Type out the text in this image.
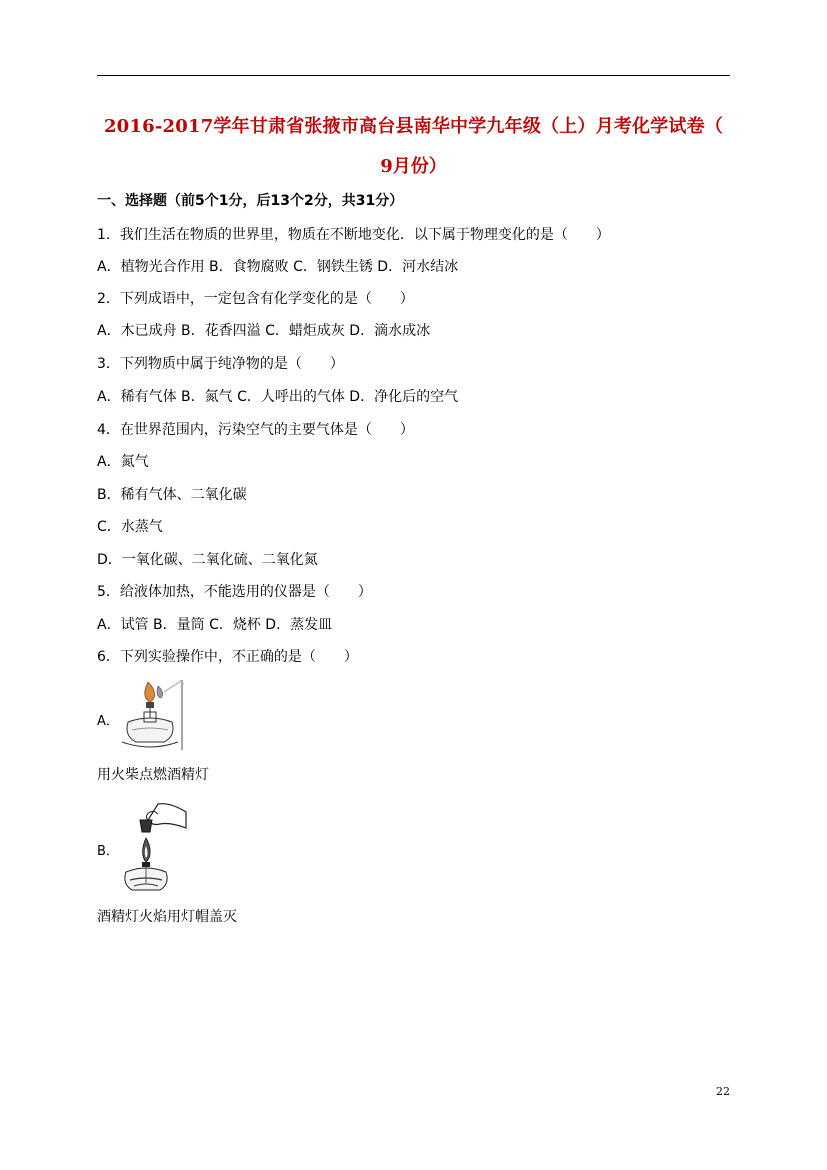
2016-2017学年甘肃省张掖市高台县南华中学九年级（上）月考化学试卷（
9月份）
一、选择题（前5个1分，后13个2分，共31分）
1．我们生活在物质的世界里，物质在不断地变化．以下属于物理变化的是（　　）
A．植物光合作用 B．食物腐败 C．钢铁生锈 D．河水结冰
2．下列成语中，一定包含有化学变化的是（　　）
A．木已成舟 B．花香四溢 C．蜡炬成灰 D．滴水成冰
3．下列物质中属于纯净物的是（　　）
A．稀有气体 B．氮气 C．人呼出的气体 D．净化后的空气
4．在世界范围内，污染空气的主要气体是（　　）
A．氮气
B．稀有气体、二氧化碳
C．水蒸气
D．一氧化碳、二氧化硫、二氧化氮
5．给液体加热，不能选用的仪器是（　　）
A．试管 B．量筒 C．烧杯 D．蒸发皿
6．下列实验操作中，不正确的是（　　）
A．
用火柴点燃酒精灯
B．
酒精灯火焰用灯帽盖灭
22
